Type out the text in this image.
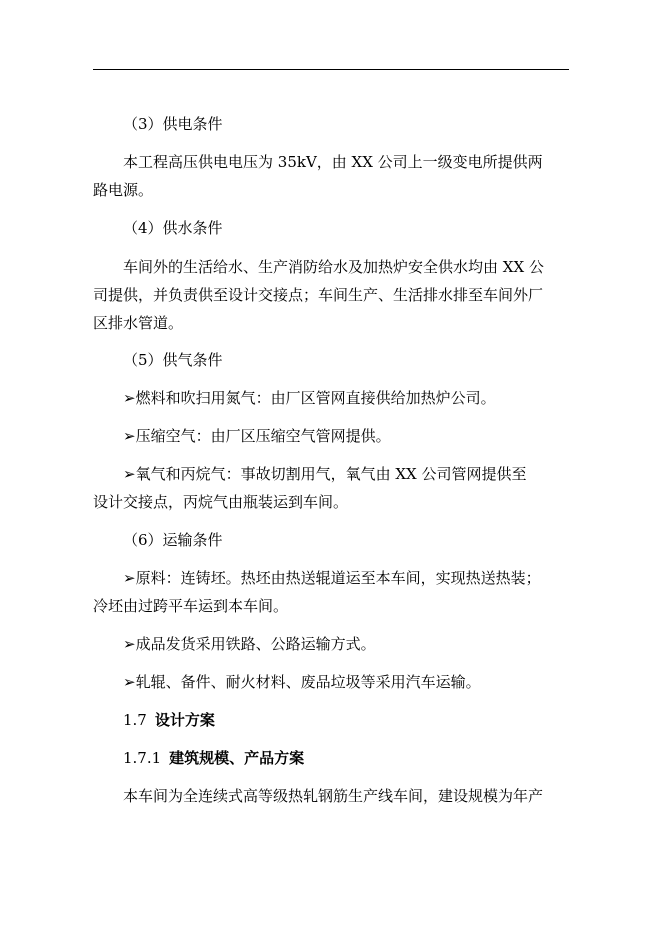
（3）供电条件
本工程高压供电电压为 35kV，由 XX 公司上一级变电所提供两
路电源。
（4）供水条件
车间外的生活给水、生产消防给水及加热炉安全供水均由 XX 公
司提供，并负责供至设计交接点；车间生产、生活排水排至车间外厂
区排水管道。
（5）供气条件
➢燃料和吹扫用氮气：由厂区管网直接供给加热炉公司。
➢压缩空气：由厂区压缩空气管网提供。
➢氧气和丙烷气：事故切割用气，氧气由 XX 公司管网提供至
设计交接点，丙烷气由瓶装运到车间。
（6）运输条件
➢原料：连铸坯。热坯由热送辊道运至本车间，实现热送热装；
冷坯由过跨平车运到本车间。
➢成品发货采用铁路、公路运输方式。
➢轧辊、备件、耐火材料、废品垃圾等采用汽车运输。
1.7 设计方案
1.7.1 建筑规模、产品方案
本车间为全连续式高等级热轧钢筋生产线车间，建设规模为年产
